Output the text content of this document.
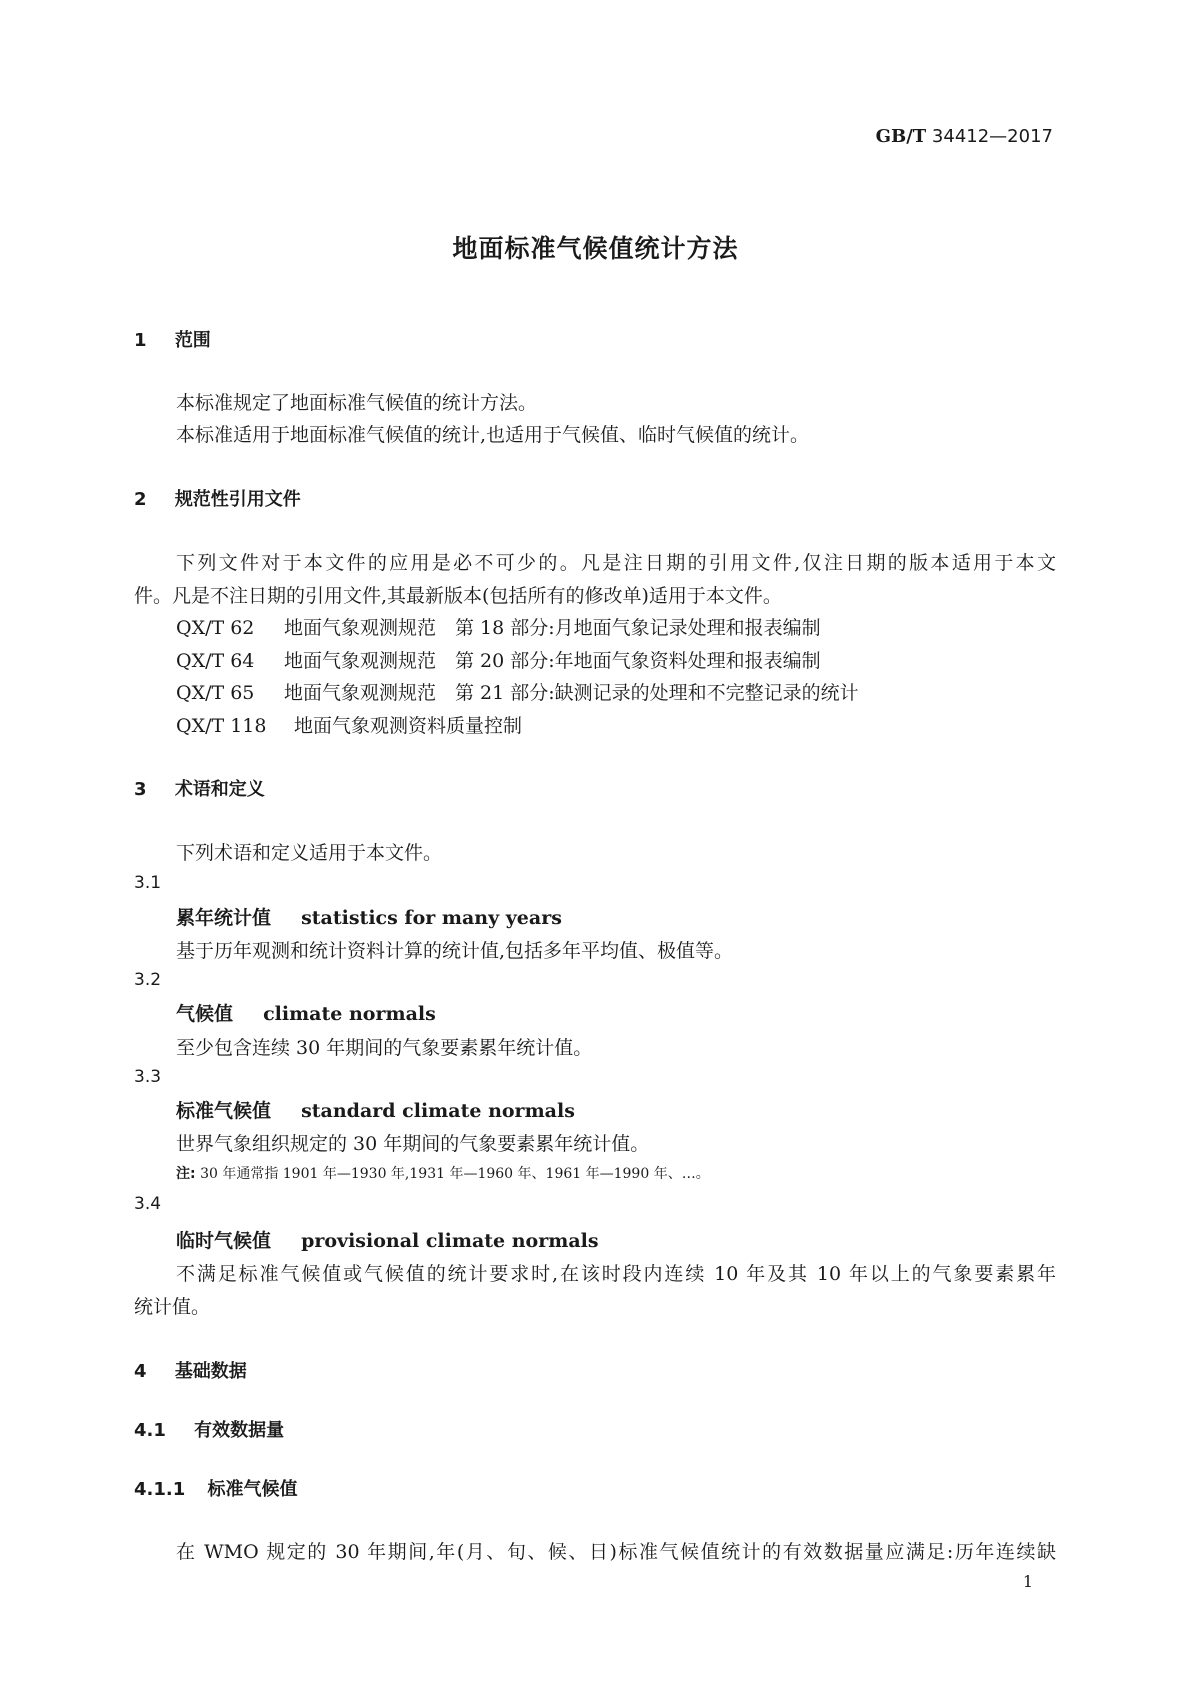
GB/T 34412—2017
地面标准气候值统计方法
1 范围
本标准规定了地面标准气候值的统计方法。
本标准适用于地面标准气候值的统计,也适用于气候值、临时气候值的统计。
2 规范性引用文件
下列文件对于本文件的应用是必不可少的。凡是注日期的引用文件,仅注日期的版本适用于本文
件。凡是不注日期的引用文件,其最新版本(包括所有的修改单)适用于本文件。
QX/T 62 地面气象观测规范　第 18 部分:月地面气象记录处理和报表编制
QX/T 64 地面气象观测规范　第 20 部分:年地面气象资料处理和报表编制
QX/T 65 地面气象观测规范　第 21 部分:缺测记录的处理和不完整记录的统计
QX/T 118 地面气象观测资料质量控制
3 术语和定义
下列术语和定义适用于本文件。
3.1
累年统计值 statistics for many years
基于历年观测和统计资料计算的统计值,包括多年平均值、极值等。
3.2
气候值 climate normals
至少包含连续 30 年期间的气象要素累年统计值。
3.3
标准气候值 standard climate normals
世界气象组织规定的 30 年期间的气象要素累年统计值。
注: 30 年通常指 1901 年—1930 年,1931 年—1960 年、1961 年—1990 年、…。
3.4
临时气候值 provisional climate normals
不满足标准气候值或气候值的统计要求时,在该时段内连续 10 年及其 10 年以上的气象要素累年
统计值。
4 基础数据
4.1 有效数据量
4.1.1 标准气候值
在 WMO 规定的 30 年期间,年(月、旬、候、日)标准气候值统计的有效数据量应满足:历年连续缺
1
